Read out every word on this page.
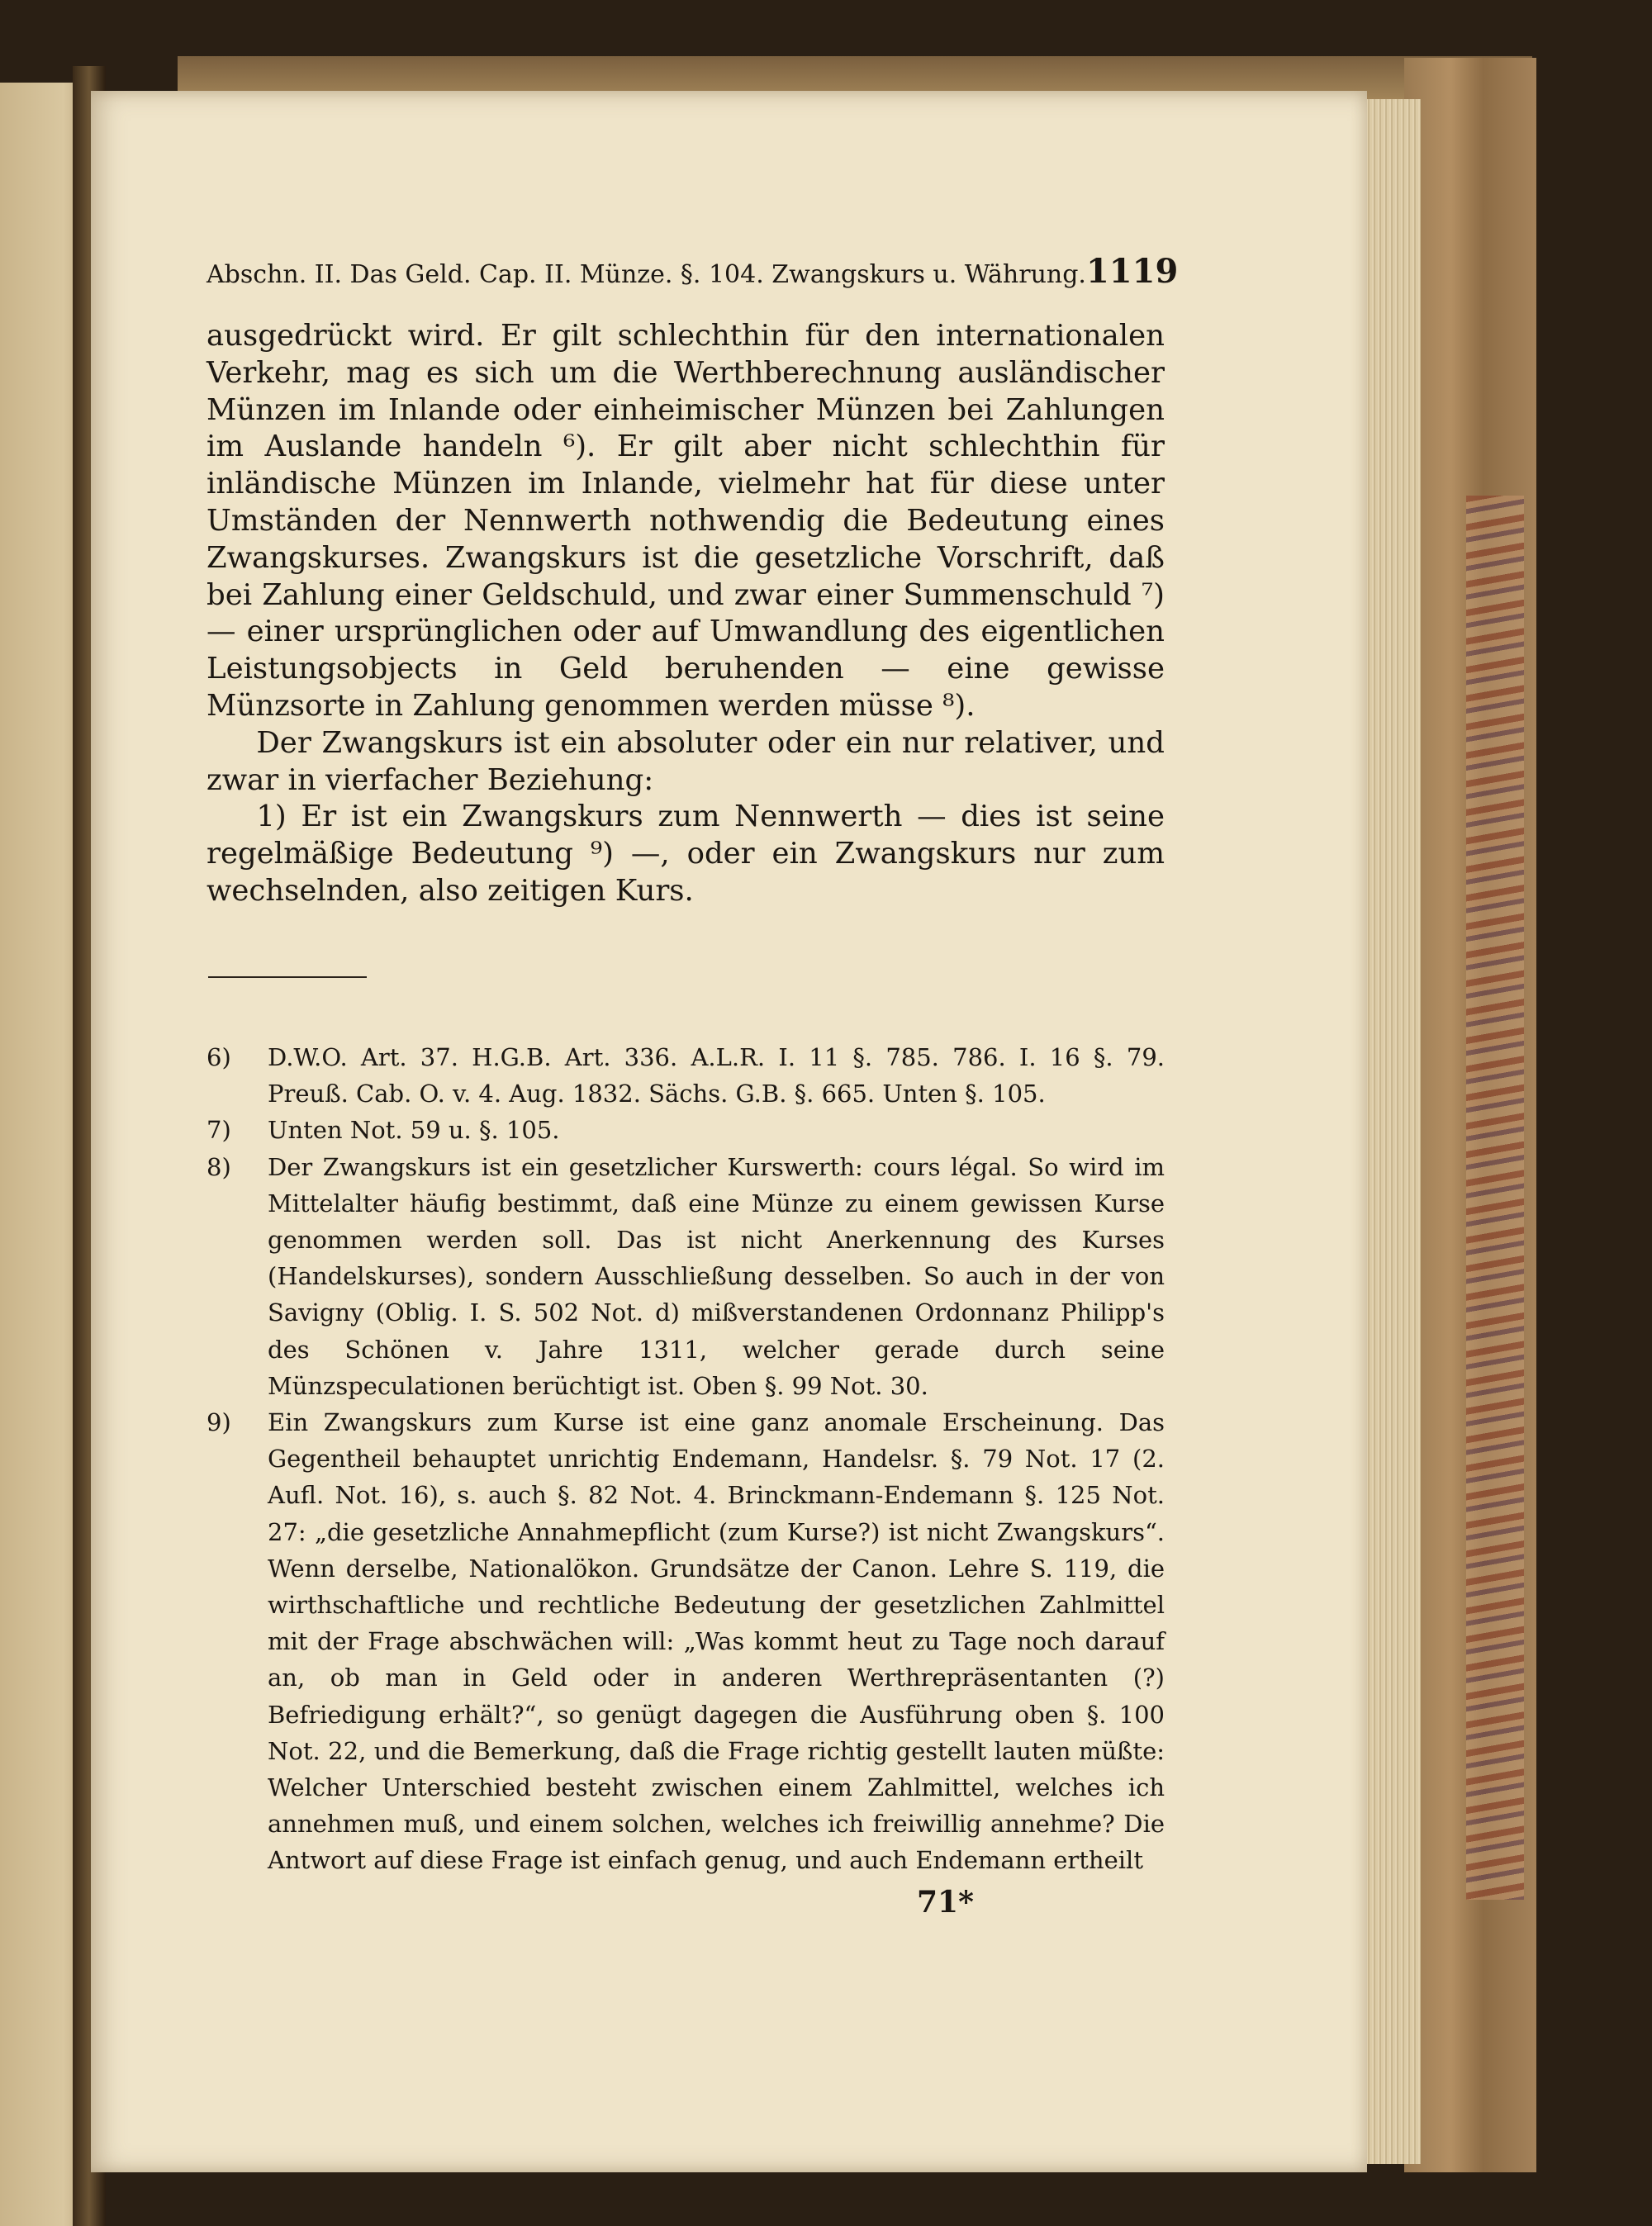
Abschn. II. Das Geld. Cap. II. Münze. §. 104. Zwangskurs u. Währung. 1119

ausgedrückt wird. Er gilt schlechthin für den internationalen Verkehr, mag es sich um die Werthberechnung ausländischer Münzen im Inlande oder einheimischer Münzen bei Zahlungen im Auslande handeln ⁶). Er gilt aber nicht schlechthin für inländische Münzen im Inlande, vielmehr hat für diese unter Umständen der Nennwerth nothwendig die Bedeutung eines Zwangskurses. Zwangskurs ist die gesetzliche Vorschrift, daß bei Zahlung einer Geldschuld, und zwar einer Summenschuld ⁷) — einer ursprünglichen oder auf Umwandlung des eigentlichen Leistungsobjects in Geld beruhenden — eine gewisse Münzsorte in Zahlung genommen werden müsse ⁸).

Der Zwangskurs ist ein absoluter oder ein nur relativer, und zwar in vierfacher Beziehung:

1) Er ist ein Zwangskurs zum Nennwerth — dies ist seine regelmäßige Bedeutung ⁹) —, oder ein Zwangskurs nur zum wechselnden, also zeitigen Kurs.

6)	D.W.O. Art. 37. H.G.B. Art. 336. A.L.R. I. 11 §. 785. 786. I. 16 §. 79. Preuß. Cab. O. v. 4. Aug. 1832. Sächs. G.B. §. 665. Unten §. 105.
7)	Unten Not. 59 u. §. 105.
8)	Der Zwangskurs ist ein gesetzlicher Kurswerth: cours légal. So wird im Mittelalter häufig bestimmt, daß eine Münze zu einem gewissen Kurse genommen werden soll. Das ist nicht Anerkennung des Kurses (Handelskurses), sondern Ausschließung desselben. So auch in der von Savigny (Oblig. I. S. 502 Not. d) mißverstandenen Ordonnanz Philipp's des Schönen v. Jahre 1311, welcher gerade durch seine Münzspeculationen berüchtigt ist. Oben §. 99 Not. 30.
9)	Ein Zwangskurs zum Kurse ist eine ganz anomale Erscheinung. Das Gegentheil behauptet unrichtig Endemann, Handelsr. §. 79 Not. 17 (2. Aufl. Not. 16), s. auch §. 82 Not. 4. Brinckmann-Endemann §. 125 Not. 27: „die gesetzliche Annahmepflicht (zum Kurse?) ist nicht Zwangskurs“. Wenn derselbe, Nationalökon. Grundsätze der Canon. Lehre S. 119, die wirthschaftliche und rechtliche Bedeutung der gesetzlichen Zahlmittel mit der Frage abschwächen will: „Was kommt heut zu Tage noch darauf an, ob man in Geld oder in anderen Werthrepräsentanten (?) Befriedigung erhält?“, so genügt dagegen die Ausführung oben §. 100 Not. 22, und die Bemerkung, daß die Frage richtig gestellt lauten müßte: Welcher Unterschied besteht zwischen einem Zahlmittel, welches ich annehmen muß, und einem solchen, welches ich freiwillig annehme? Die Antwort auf diese Frage ist einfach genug, und auch Endemann ertheilt
71*
